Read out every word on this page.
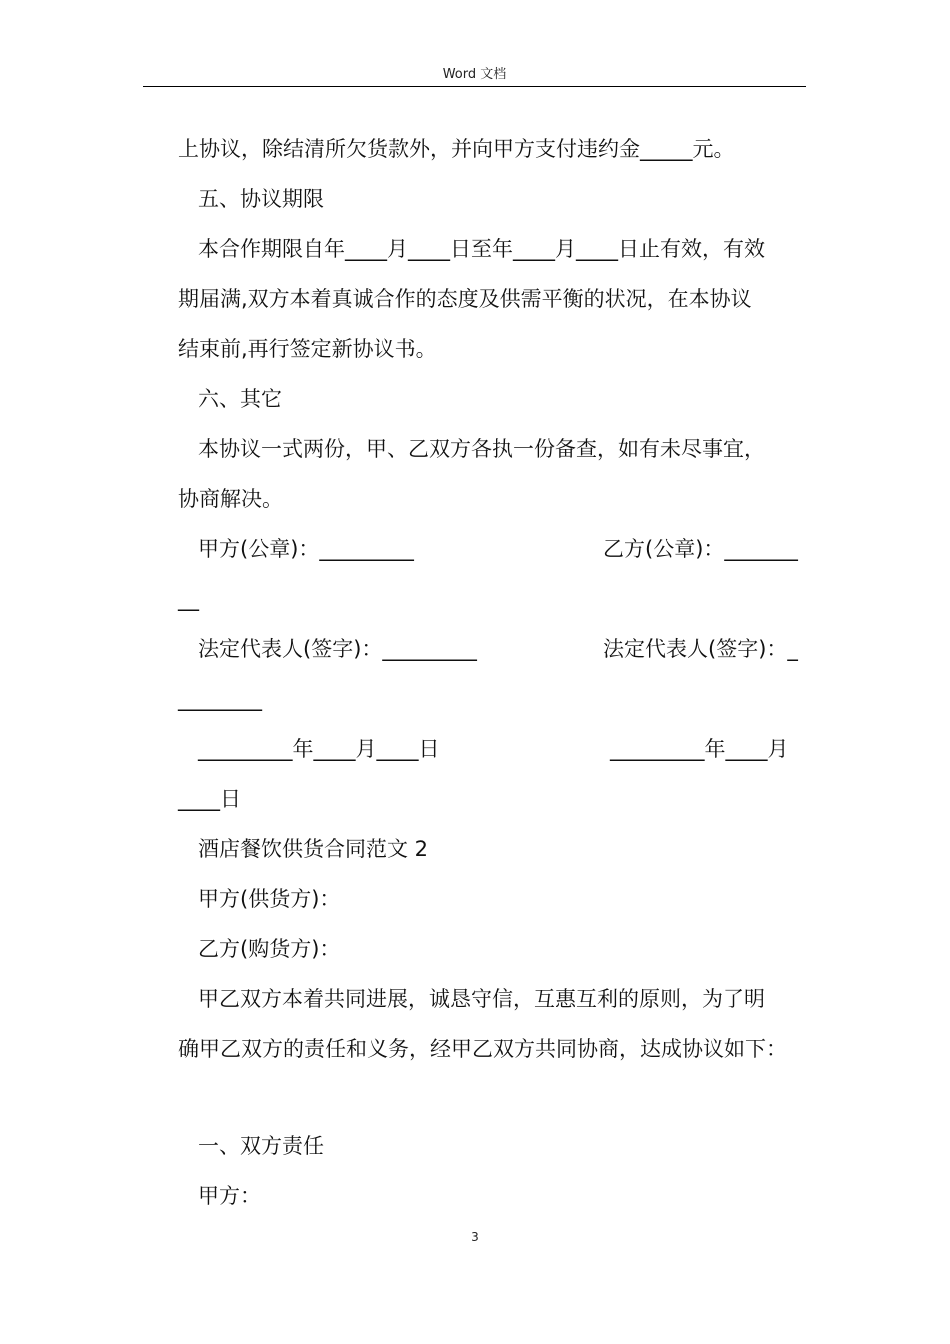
Word 文档
上协议，除结清所欠货款外，并向甲方支付违约金_____元。
五、协议期限
本合作期限自年____月____日至年____月____日止有效，有效
期届满,双方本着真诚合作的态度及供需平衡的状况，在本协议
结束前,再行签定新协议书。
六、其它
本协议一式两份，甲、乙双方各执一份备查，如有未尽事宜，
协商解决。
甲方(公章)：_________	乙方(公章)：_______
__
法定代表人(签字)：_________	法定代表人(签字)：_
________
_________年____月____日	_________年____月
____日
酒店餐饮供货合同范文 2
甲方(供货方)：
乙方(购货方)：
甲乙双方本着共同进展，诚恳守信，互惠互利的原则，为了明
确甲乙双方的责任和义务，经甲乙双方共同协商，达成协议如下：
一、双方责任
甲方：
3
